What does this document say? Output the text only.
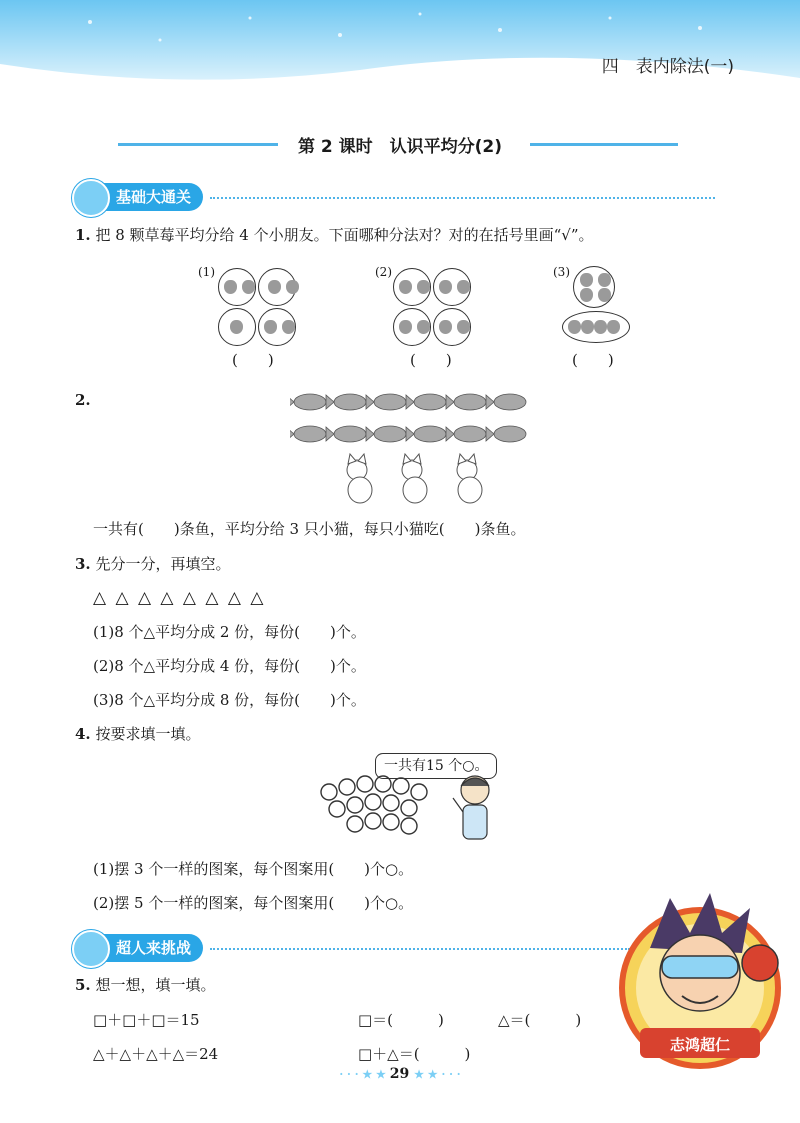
四　表内除法(一)
第 2 课时　认识平均分(2)
基础大通关
1. 把 8 颗草莓平均分给 4 个小朋友。下面哪种分法对？对的在括号里画“√”。
(1)

(　　)
(2)

(　　)
(3)

(　　)
2.
一共有(　　)条鱼，平均分给 3 只小猫，每只小猫吃(　　)条鱼。
3. 先分一分，再填空。
△ △ △ △ △ △ △ △
(1)8 个△平均分成 2 份，每份(　　)个。
(2)8 个△平均分成 4 份，每份(　　)个。
(3)8 个△平均分成 8 份，每份(　　)个。
4. 按要求填一填。
一共有15 个○。
(1)摆 3 个一样的图案，每个图案用(　　)个○。
(2)摆 5 个一样的图案，每个图案用(　　)个○。
超人来挑战
5. 想一想，填一填。
□＋□＋□＝15	□＝(　　　)	△＝(　　　)
△＋△＋△＋△＝24	□＋△＝(　　　)	志鸿超仁
· · · ★ ★ 29 ★ ★ · · ·
